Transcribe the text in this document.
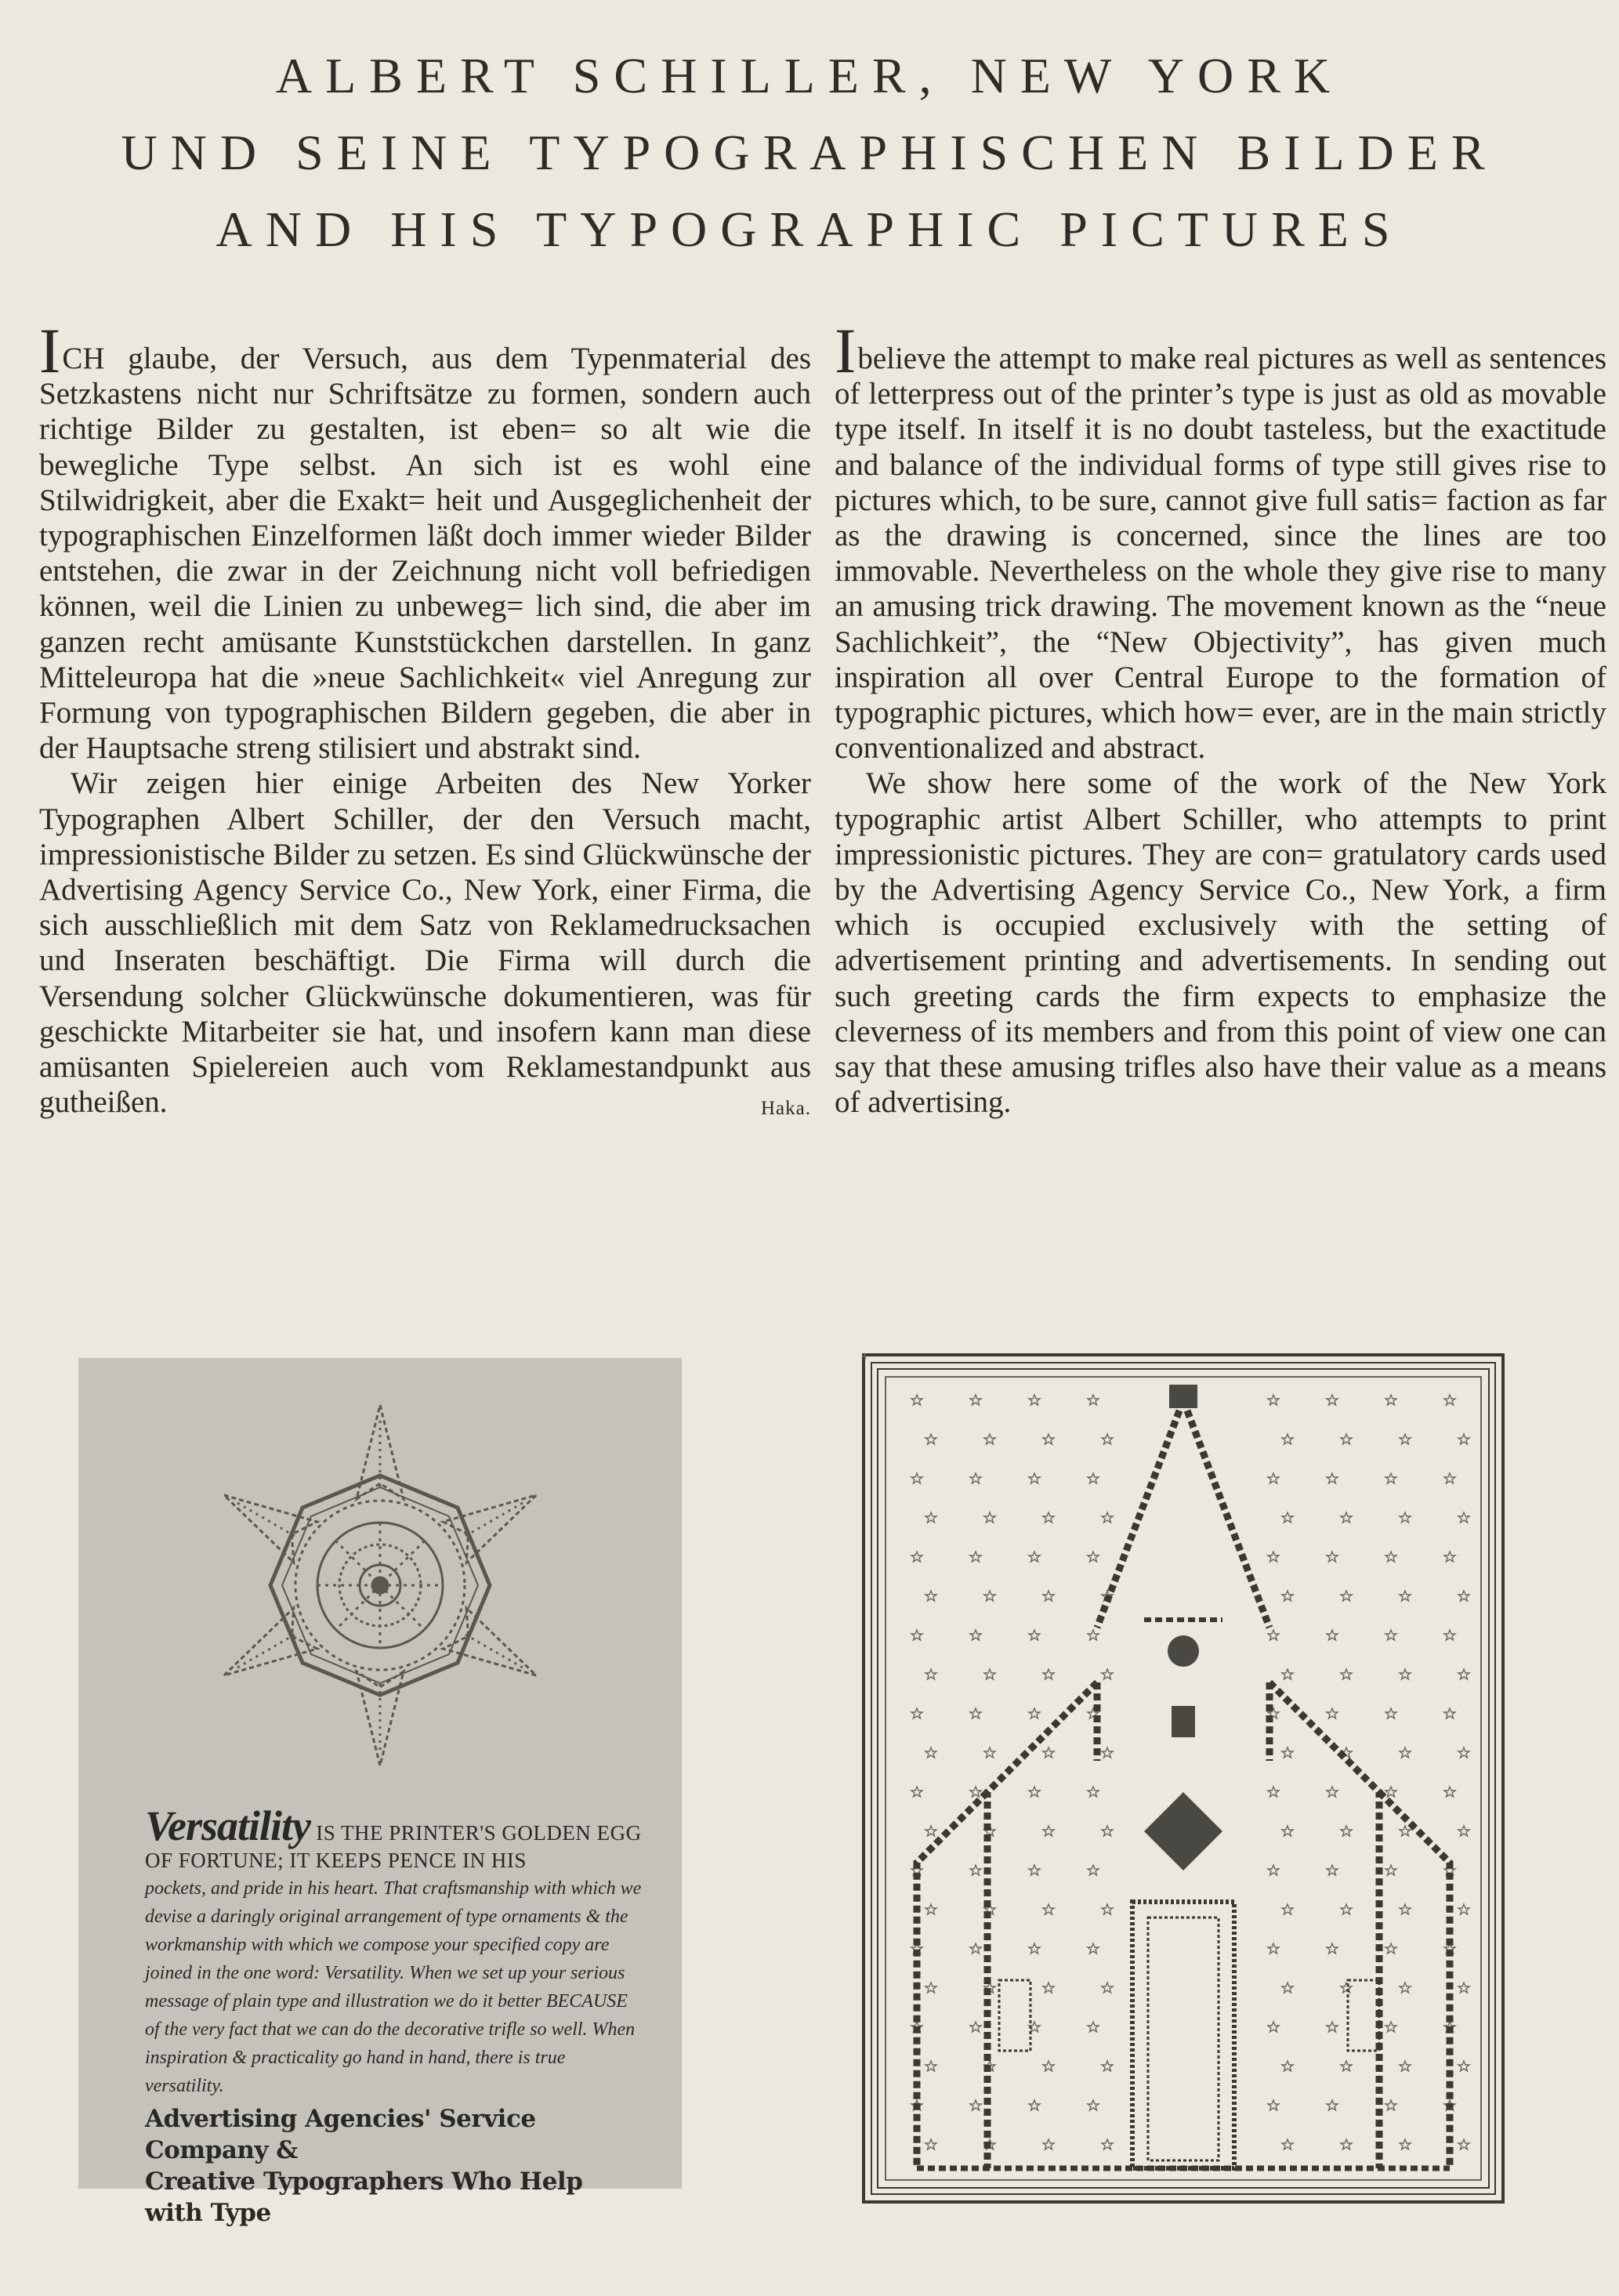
ALBERT SCHILLER, NEW YORK
UND SEINE TYPOGRAPHISCHEN BILDER
AND HIS TYPOGRAPHIC PICTURES

ICH glaube, der Versuch, aus dem Typenmaterial des Setzkastens nicht nur Schriftsätze zu formen, sondern auch richtige Bilder zu gestalten, ist eben= so alt wie die bewegliche Type selbst. An sich ist es wohl eine Stilwidrigkeit, aber die Exakt= heit und Ausgeglichenheit der typographischen Einzelformen läßt doch immer wieder Bilder entstehen, die zwar in der Zeichnung nicht voll befriedigen können, weil die Linien zu unbeweg= lich sind, die aber im ganzen recht amüsante Kunststückchen darstellen. In ganz Mitteleuropa hat die »neue Sachlichkeit« viel Anregung zur Formung von typographischen Bildern gegeben, die aber in der Hauptsache streng stilisiert und abstrakt sind.

Wir zeigen hier einige Arbeiten des New Yorker Typographen Albert Schiller, der den Versuch macht, impressionistische Bilder zu setzen. Es sind Glückwünsche der Advertising Agency Service Co., New York, einer Firma, die sich ausschließlich mit dem Satz von Reklamedrucksachen und Inseraten beschäftigt. Die Firma will durch die Versendung solcher Glückwünsche dokumentieren, was für geschickte Mitarbeiter sie hat, und insofern kann man diese amüsanten Spielereien auch vom Reklamestandpunkt aus gutheißen.	Haka.

Ibelieve the attempt to make real pictures as well as sentences of letterpress out of the printer’s type is just as old as movable type itself. In itself it is no doubt tasteless, but the exactitude and balance of the individual forms of type still gives rise to pictures which, to be sure, cannot give full satis= faction as far as the drawing is concerned, since the lines are too immovable. Nevertheless on the whole they give rise to many an amusing trick drawing. The movement known as the “neue Sachlichkeit”, the “New Objectivity”, has given much inspiration all over Central Europe to the formation of typographic pictures, which how= ever, are in the main strictly conventionalized and abstract.

We show here some of the work of the New York typographic artist Albert Schiller, who attempts to print impressionistic pictures. They are con= gratulatory cards used by the Advertising Agency Service Co., New York, a firm which is occupied exclusively with the setting of advertisement printing and advertisements. In sending out such greeting cards the firm expects to emphasize the cleverness of its members and from this point of view one can say that these amusing trifles also have their value as a means of advertising.

Versatility IS THE PRINTER'S GOLDEN EGG OF FORTUNE; IT KEEPS PENCE IN HIS
pockets, and pride in his heart. That craftsmanship with which we devise a daringly original arrangement of type ornaments & the workmanship with which we compose your specified copy are joined in the one word: Versatility. When we set up your serious message of plain type and illustration we do it better BECAUSE of the very fact that we can do the decorative trifle so well. When inspiration & practicality go hand in hand, there is true versatility.
Advertising Agencies' Service Company &
Creative Typographers Who Help with Type
